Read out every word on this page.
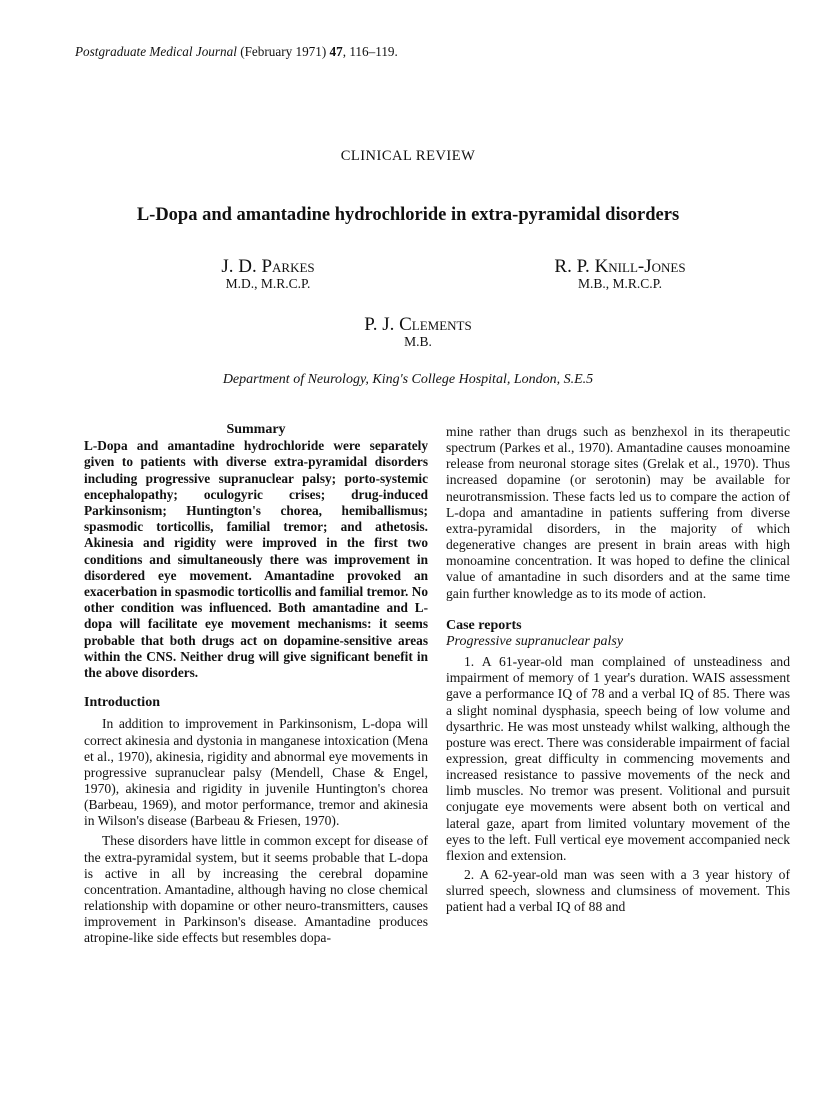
Postgraduate Medical Journal (February 1971) 47, 116–119.
CLINICAL REVIEW
L-Dopa and amantadine hydrochloride in extra-pyramidal disorders
J. D. Parkes
M.D., M.R.C.P.
R. P. Knill-Jones
M.B., M.R.C.P.
P. J. Clements
M.B.
Department of Neurology, King's College Hospital, London, S.E.5

Summary

L-Dopa and amantadine hydrochloride were separately given to patients with diverse extra-pyramidal disorders including progressive supranuclear palsy; porto-systemic encephalopathy; oculogyric crises; drug-induced Parkinsonism; Huntington's chorea, hemiballismus; spasmodic torticollis, familial tremor; and athetosis. Akinesia and rigidity were improved in the first two conditions and simultaneously there was improvement in disordered eye movement. Amantadine provoked an exacerbation in spasmodic torticollis and familial tremor. No other condition was influenced. Both amantadine and L-dopa will facilitate eye movement mechanisms: it seems probable that both drugs act on dopamine-sensitive areas within the CNS. Neither drug will give significant benefit in the above disorders.

Introduction

In addition to improvement in Parkinsonism, L-dopa will correct akinesia and dystonia in manganese intoxication (Mena et al., 1970), akinesia, rigidity and abnormal eye movements in progressive supranuclear palsy (Mendell, Chase & Engel, 1970), akinesia and rigidity in juvenile Huntington's chorea (Barbeau, 1969), and motor performance, tremor and akinesia in Wilson's disease (Barbeau & Friesen, 1970).

These disorders have little in common except for disease of the extra-pyramidal system, but it seems probable that L-dopa is active in all by increasing the cerebral dopamine concentration. Amantadine, although having no close chemical relationship with dopamine or other neuro-transmitters, causes improvement in Parkinson's disease. Amantadine produces atropine-like side effects but resembles dopa-

mine rather than drugs such as benzhexol in its therapeutic spectrum (Parkes et al., 1970). Amantadine causes monoamine release from neuronal storage sites (Grelak et al., 1970). Thus increased dopamine (or serotonin) may be available for neurotransmission. These facts led us to compare the action of L-dopa and amantadine in patients suffering from diverse extra-pyramidal disorders, in the majority of which degenerative changes are present in brain areas with high monoamine concentration. It was hoped to define the clinical value of amantadine in such disorders and at the same time gain further knowledge as to its mode of action.

Case reports

Progressive supranuclear palsy

1. A 61-year-old man complained of unsteadiness and impairment of memory of 1 year's duration. WAIS assessment gave a performance IQ of 78 and a verbal IQ of 85. There was a slight nominal dysphasia, speech being of low volume and dysarthric. He was most unsteady whilst walking, although the posture was erect. There was considerable impairment of facial expression, great difficulty in commencing movements and increased resistance to passive movements of the neck and limb muscles. No tremor was present. Volitional and pursuit conjugate eye movements were absent both on vertical and lateral gaze, apart from limited voluntary movement of the eyes to the left. Full vertical eye movement accompanied neck flexion and extension.

2. A 62-year-old man was seen with a 3 year history of slurred speech, slowness and clumsiness of movement. This patient had a verbal IQ of 88 and
